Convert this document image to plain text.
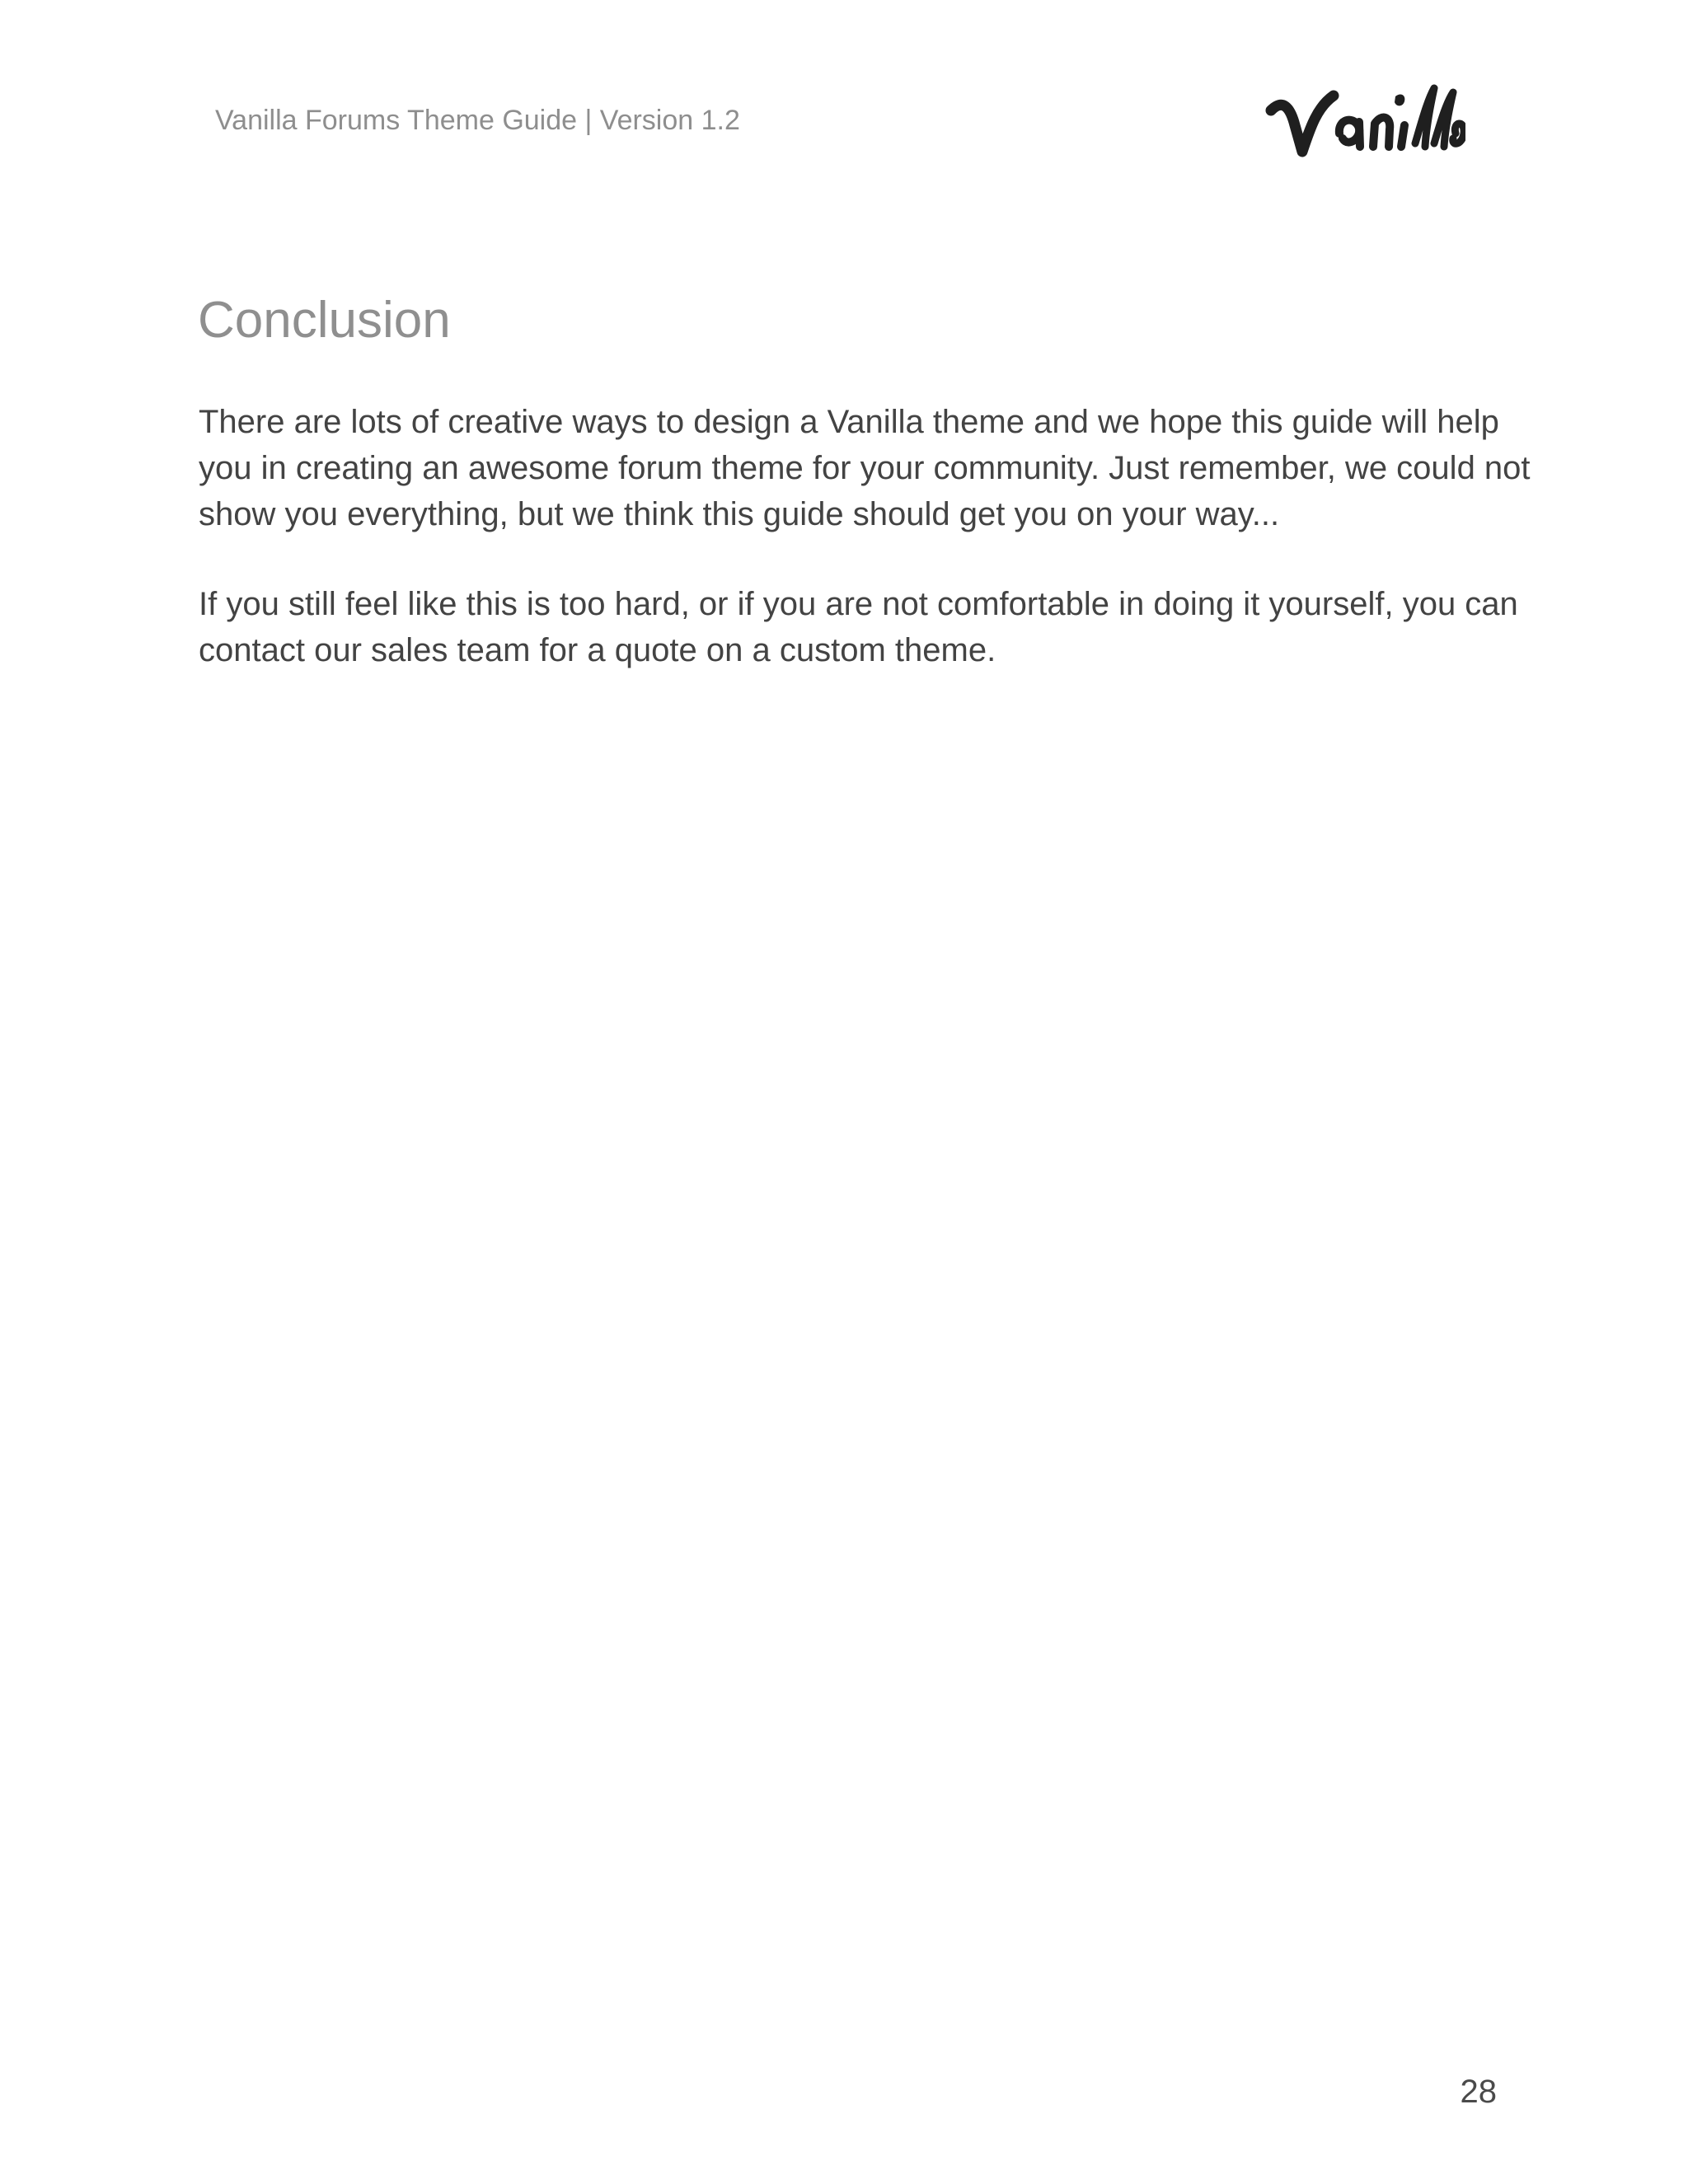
Vanilla Forums Theme Guide | Version 1.2
Conclusion

There are lots of creative ways to design a Vanilla theme and we hope this guide will help
you in creating an awesome forum theme for your community. Just remember, we could not
show you everything, but we think this guide should get you on your way...

If you still feel like this is too hard, or if you are not comfortable in doing it yourself, you can
contact our sales team for a quote on a custom theme.

28
